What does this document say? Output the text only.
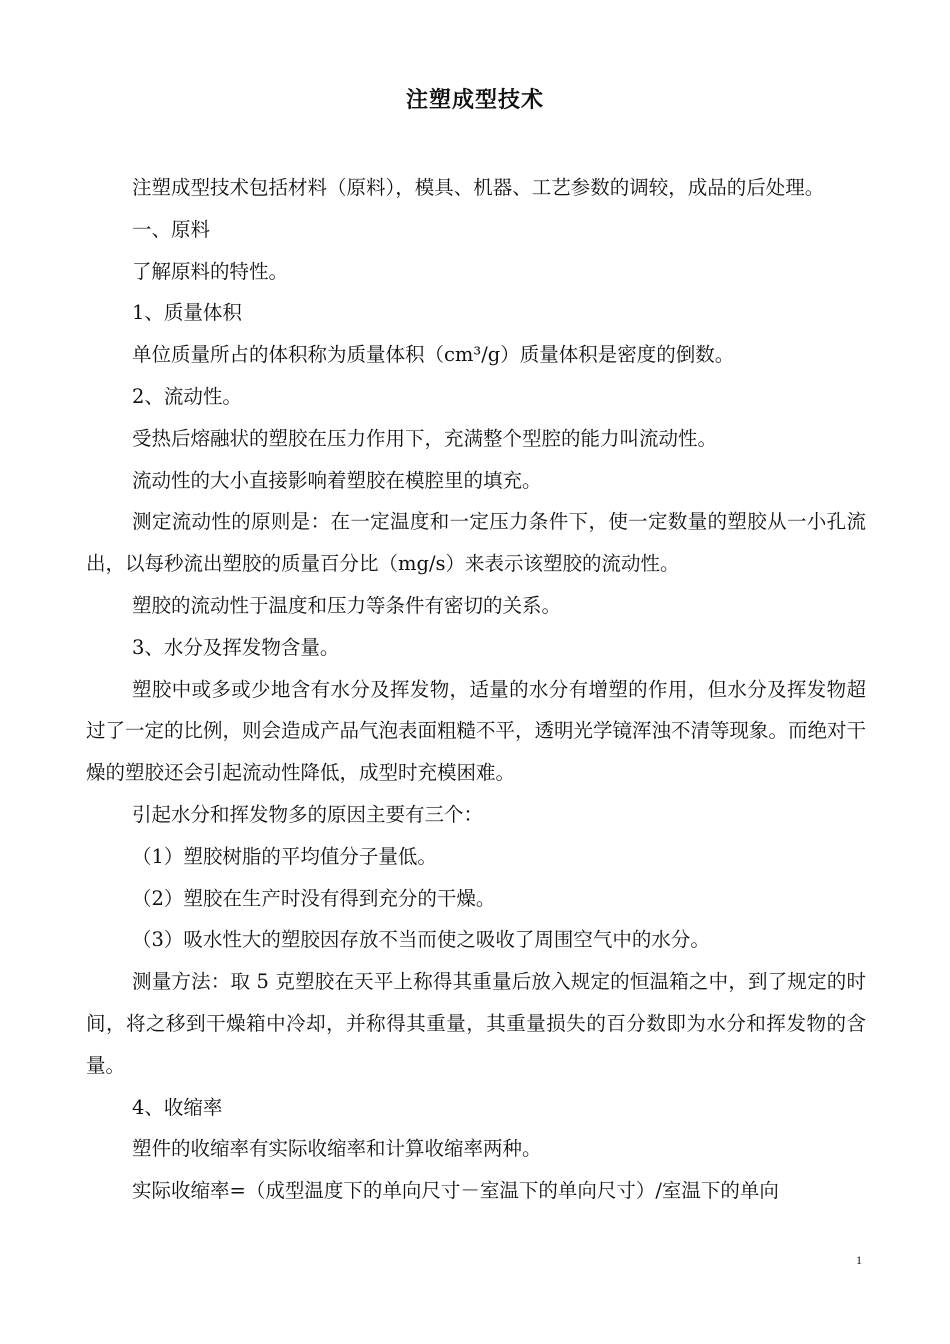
注塑成型技术

注塑成型技术包括材料（原料），模具、机器、工艺参数的调较，成品的后处理。

一、原料

了解原料的特性。

1、质量体积

单位质量所占的体积称为质量体积（cm³/g）质量体积是密度的倒数。

2、流动性。

受热后熔融状的塑胶在压力作用下，充满整个型腔的能力叫流动性。

流动性的大小直接影响着塑胶在模腔里的填充。

测定流动性的原则是：在一定温度和一定压力条件下，使一定数量的塑胶从一小孔流出，以每秒流出塑胶的质量百分比（mg/s）来表示该塑胶的流动性。

塑胶的流动性于温度和压力等条件有密切的关系。

3、水分及挥发物含量。

塑胶中或多或少地含有水分及挥发物，适量的水分有增塑的作用，但水分及挥发物超过了一定的比例，则会造成产品气泡表面粗糙不平，透明光学镜浑浊不清等现象。而绝对干燥的塑胶还会引起流动性降低，成型时充模困难。

引起水分和挥发物多的原因主要有三个：

（1）塑胶树脂的平均值分子量低。

（2）塑胶在生产时没有得到充分的干燥。

（3）吸水性大的塑胶因存放不当而使之吸收了周围空气中的水分。

测量方法：取 5 克塑胶在天平上称得其重量后放入规定的恒温箱之中，到了规定的时间，将之移到干燥箱中冷却，并称得其重量，其重量损失的百分数即为水分和挥发物的含量。

4、收缩率

塑件的收缩率有实际收缩率和计算收缩率两种。

实际收缩率=（成型温度下的单向尺寸－室温下的单向尺寸）/室温下的单向

1
